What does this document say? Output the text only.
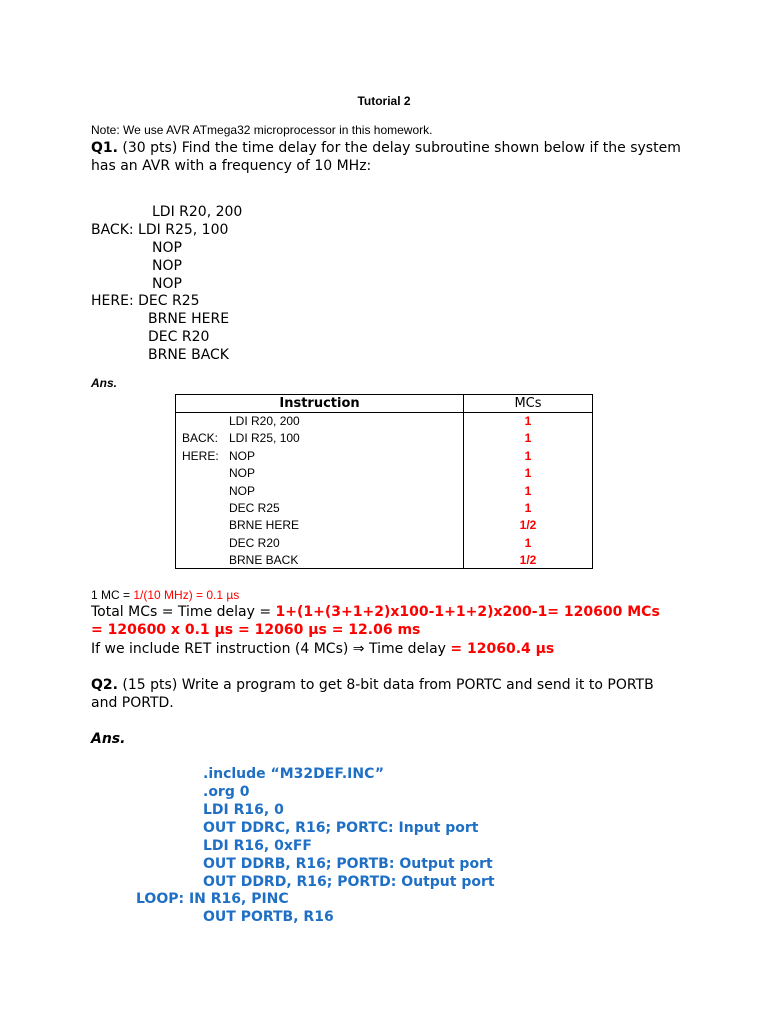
Tutorial 2
Note: We use AVR ATmega32 microprocessor in this homework.
Q1. (30 pts) Find the time delay for the delay subroutine shown below if the system
has an AVR with a frequency of 10 MHz:
LDI R20, 200
BACK: LDI R25, 100
NOP
NOP
NOP
HERE: DEC R25
BRNE HERE
DEC R20
BRNE BACK
Ans.
Instruction	MCs
LDI R20, 200	1
BACK: LDI R25, 100	1
HERE: NOP	1
NOP	1
NOP	1
DEC R25	1
BRNE HERE	1/2
DEC R20	1
BRNE BACK	1/2
1 MC = 1/(10 MHz) = 0.1 µs
Total MCs = Time delay = 1+(1+(3+1+2)x100-1+1+2)x200-1= 120600 MCs
= 120600 x 0.1 µs = 12060 µs = 12.06 ms
If we include RET instruction (4 MCs) ⇒ Time delay = 12060.4 µs
Q2. (15 pts) Write a program to get 8-bit data from PORTC and send it to PORTB
and PORTD.
Ans.
.include “M32DEF.INC”
.org 0
LDI R16, 0
OUT DDRC, R16; PORTC: Input port
LDI R16, 0xFF
OUT DDRB, R16; PORTB: Output port
OUT DDRD, R16; PORTD: Output port
LOOP: IN R16, PINC
OUT PORTB, R16
